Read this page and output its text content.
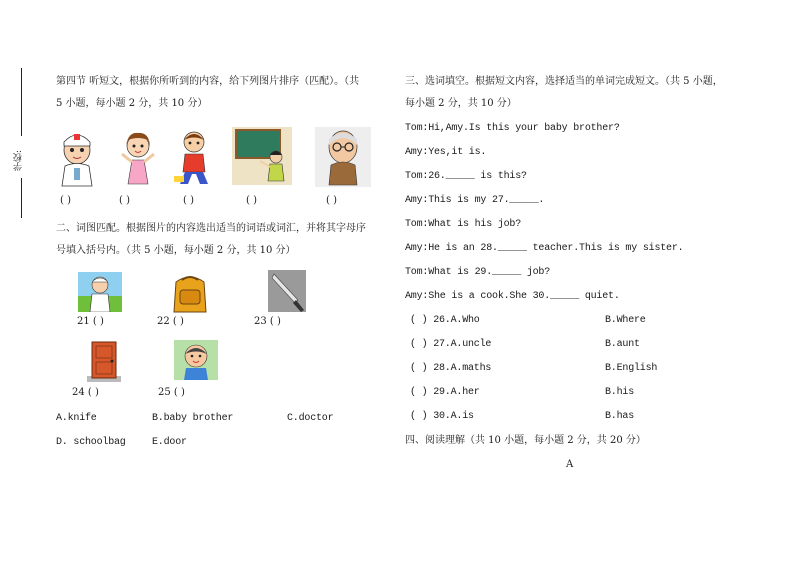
学校:
第四节 听短文，根据你所听到的内容，给下列图片排序（匹配）。（共
5 小题，每小题 2 分，共 10 分）
( )	( )	( )	( )	( )
二、词图匹配。根据图片的内容选出适当的词语或词汇，并将其字母序
号填入括号内。（共 5 小题，每小题 2 分，共 10 分）
21 ( )	22 ( )	23 ( )
24 ( )	25 ( )
A.knife	B.baby brother	C.doctor
D. schoolbag	E.door
三、选词填空。根据短文内容，选择适当的单词完成短文。（共 5 小题，
每小题 2 分，共 10 分）
Tom:Hi,Amy.Is this your baby brother?
Amy:Yes,it is.
Tom:26._____ is this?
Amy:This is my 27._____.
Tom:What is his job?
Amy:He is an 28._____ teacher.This is my sister.
Tom:What is 29._____ job?
Amy:She is a cook.She 30._____ quiet.
( ) 26.A.Who	B.Where
( ) 27.A.uncle	B.aunt
( ) 28.A.maths	B.English
( ) 29.A.her	B.his
( ) 30.A.is	B.has
四、阅读理解（共 10 小题，每小题 2 分，共 20 分）
A
